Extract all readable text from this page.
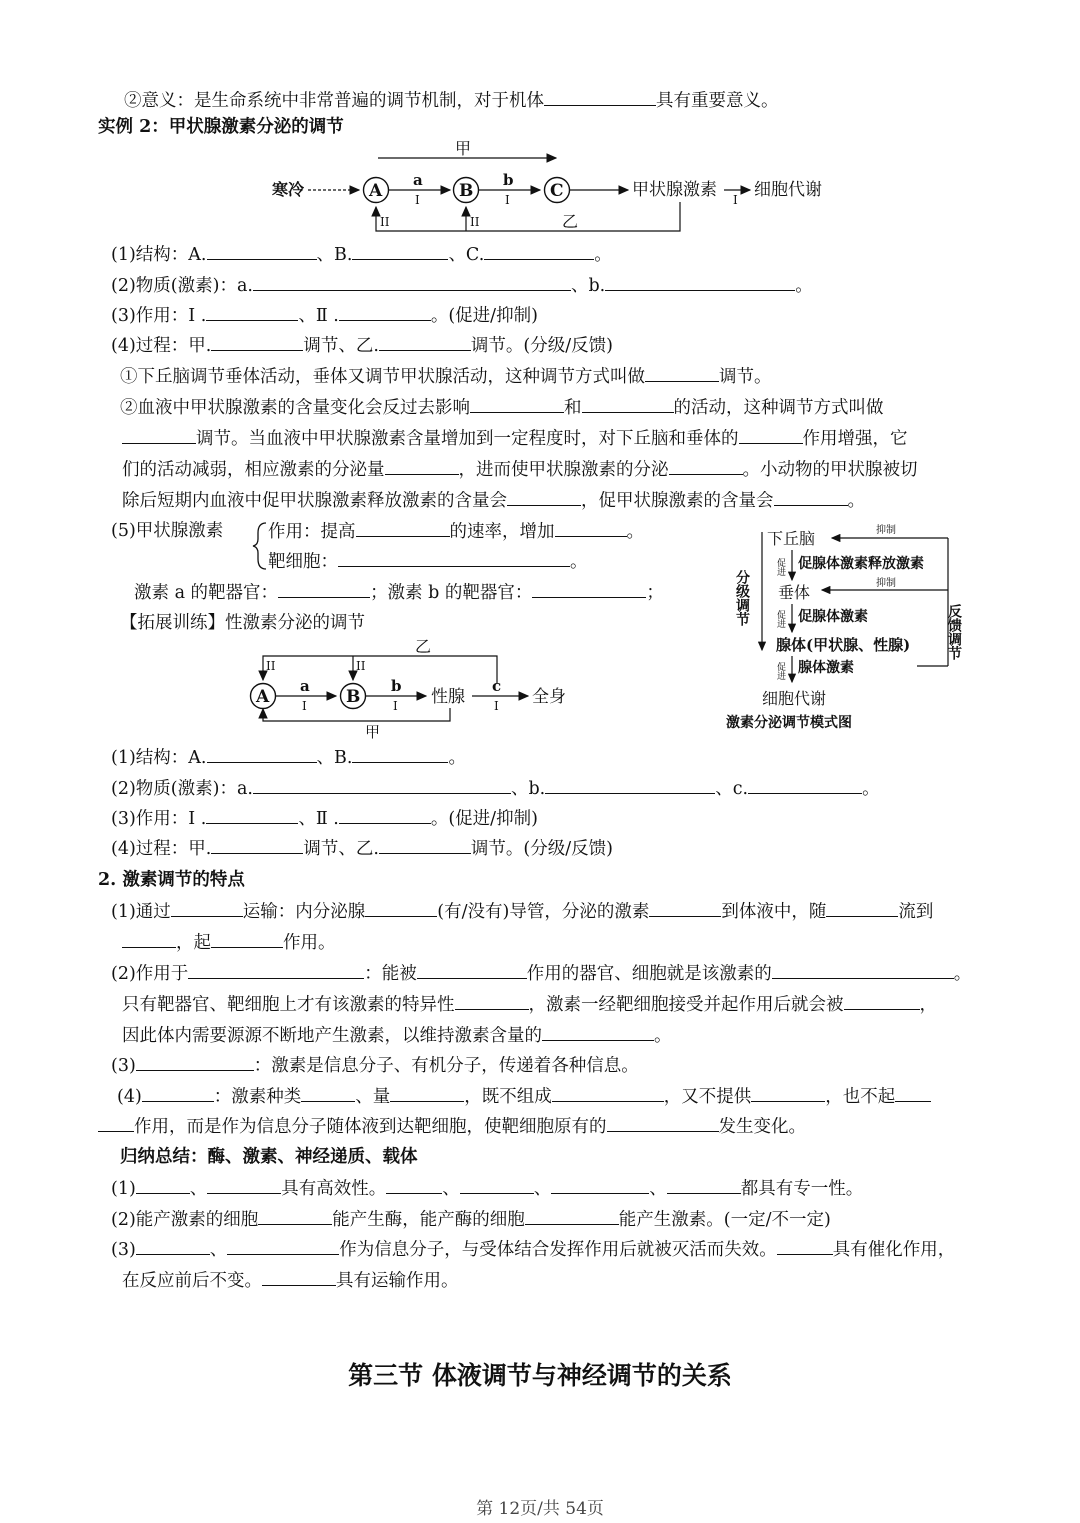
②意义：是生命系统中非常普遍的调节机制，对于机体	具有重要意义。
实例 2：甲状腺激素分泌的调节
甲
寒冷	A
a
I B
b
I C	甲状腺激素 I 细胞代谢
II	II	乙
(1)结构：A.	、B.	、C.	。
(2)物质(激素)：a.	、b.	。
(3)作用：Ⅰ .	、Ⅱ .	。(促进/抑制)
(4)过程：甲.	调节、乙.	调节。(分级/反馈)
①下丘脑调节垂体活动，垂体又调节甲状腺活动，这种调节方式叫做	调节。
②血液中甲状腺激素的含量变化会反过去影响	和	的活动，这种调节方式叫做
调节。当血液中甲状腺激素含量增加到一定程度时，对下丘脑和垂体的	作用增强，它
们的活动减弱，相应激素的分泌量	，进而使甲状腺激素的分泌	。小动物的甲状腺被切
除后短期内血液中促甲状腺激素释放激素的含量会	，促甲状腺激素的含量会	。
(5)甲状腺激素	作用：提高	的速率，增加	。
靶细胞：	。
激素 a 的靶器官：	；激素 b 的靶器官：	；
【拓展训练】性激素分泌的调节
乙
II	II
A
a
I B
b
I 性腺
c
I 全身
甲
下丘脑	抑制
分级调节
促进 促腺体激素释放激素
垂体	抑制
促进 促腺体激素	反馈调节
腺体(甲状腺、性腺)
促进 腺体激素
细胞代谢
激素分泌调节模式图
(1)结构：A.	、B.	。
(2)物质(激素)：a.	、b.	、c.	。
(3)作用：Ⅰ .	、Ⅱ .	。(促进/抑制)
(4)过程：甲.	调节、乙.	调节。(分级/反馈)
2. 激素调节的特点
(1)通过	运输：内分泌腺	(有/没有)导管，分泌的激素	到体液中，随	流到
，起	作用。
(2)作用于	：能被	作用的器官、细胞就是该激素的	。
只有靶器官、靶细胞上才有该激素的特异性	，激素一经靶细胞接受并起作用后就会被	，
因此体内需要源源不断地产生激素，以维持激素含量的	。
(3)	：激素是信息分子、有机分子，传递着各种信息。
(4)	：激素种类	、量	，既不组成	，又不提供	，也不起
作用，而是作为信息分子随体液到达靶细胞，使靶细胞原有的	发生变化。
归纳总结：酶、激素、神经递质、载体
(1)	、	具有高效性。	、	、	、	都具有专一性。
(2)能产激素的细胞	能产生酶，能产酶的细胞	能产生激素。(一定/不一定)
(3)	、	作为信息分子，与受体结合发挥作用后就被灭活而失效。	具有催化作用，
在反应前后不变。	具有运输作用。
第三节 体液调节与神经调节的关系
第 12页/共 54页
